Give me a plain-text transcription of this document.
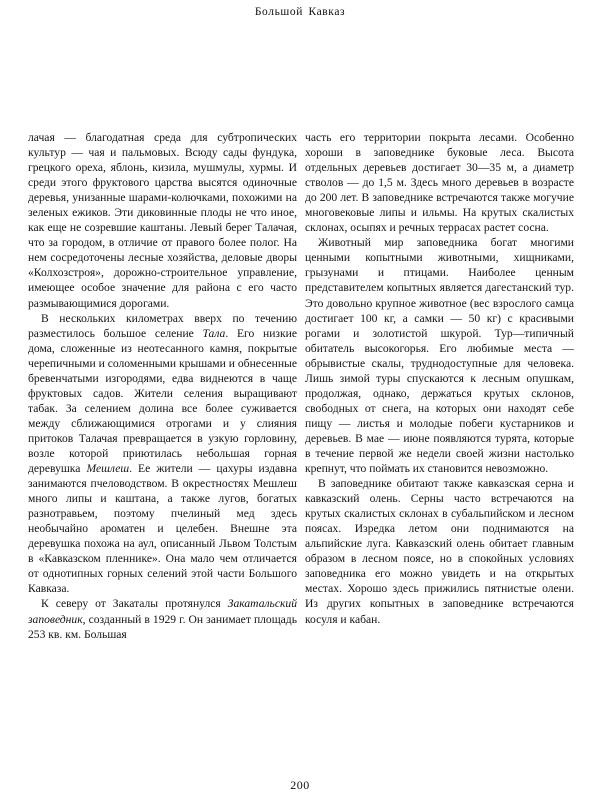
Большой Кавказ

лачая — благодатная среда для субтропических культур — чая и пальмовых. Всюду сады фундука, грецкого ореха, яблонь, кизила, мушмулы, хурмы. И среди этого фруктового царства высятся одиночные деревья, унизанные шарами-колючками, похожими на зеленых ежиков. Эти диковинные плоды не что иное, как еще не созревшие каштаны. Левый берег Талачая, что за городом, в отличие от правого более полог. На нем сосредоточены лесные хозяйства, деловые дворы «Колхозстроя», дорожно-строительное управление, имеющее особое значение для района с его часто размывающимися дорогами.

В нескольких километрах вверх по течению разместилось большое селение Тала. Его низкие дома, сложенные из неотесанного камня, покрытые черепичными и соломенными крышами и обнесенные бревенчатыми изгородями, едва виднеются в чаще фруктовых садов. Жители селения выращивают табак. За селением долина все более суживается между сближающимися отрогами и у слияния притоков Талачая превращается в узкую горловину, возле которой приютилась небольшая горная деревушка Мешлеш. Ее жители — цахуры издавна занимаются пчеловодством. В окрестностях Мешлеш много липы и каштана, а также лугов, богатых разнотравьем, поэтому пчелиный мед здесь необычайно ароматен и целебен. Внешне эта деревушка похожа на аул, описанный Львом Толстым в «Кавказском пленнике». Она мало чем отличается от однотипных горных селений этой части Большого Кавказа.

К северу от Закаталы протянулся Закатальский заповедник, созданный в 1929 г. Он занимает площадь 253 кв. км. Большая

часть его территории покрыта лесами. Особенно хороши в заповеднике буковые леса. Высота отдельных деревьев достигает 30—35 м, а диаметр стволов — до 1,5 м. Здесь много деревьев в возрасте до 200 лет. В заповеднике встречаются также могучие многовековые липы и ильмы. На крутых скалистых склонах, осыпях и речных террасах растет сосна.

Животный мир заповедника богат многими ценными копытными животными, хищниками, грызунами и птицами. Наиболее ценным представителем копытных является дагестанский тур. Это довольно крупное животное (вес взрослого самца достигает 100 кг, а самки — 50 кг) с красивыми рогами и золотистой шкурой. Тур—типичный обитатель высокогорья. Его любимые места — обрывистые скалы, труднодоступные для человека. Лишь зимой туры спускаются к лесным опушкам, продолжая, однако, держаться крутых склонов, свободных от снега, на которых они находят себе пищу — листья и молодые побеги кустарников и деревьев. В мае — июне появляются турята, которые в течение первой же недели своей жизни настолько крепнут, что поймать их становится невозможно.

В заповеднике обитают также кавказская серна и кавказский олень. Серны часто встречаются на крутых скалистых склонах в субальпийском и лесном поясах. Изредка летом они поднимаются на альпийские луга. Кавказский олень обитает главным образом в лесном поясе, но в спокойных условиях заповедника его можно увидеть и на открытых местах. Хорошо здесь прижились пятнистые олени. Из других копытных в заповеднике встречаются косуля и кабан.

200
